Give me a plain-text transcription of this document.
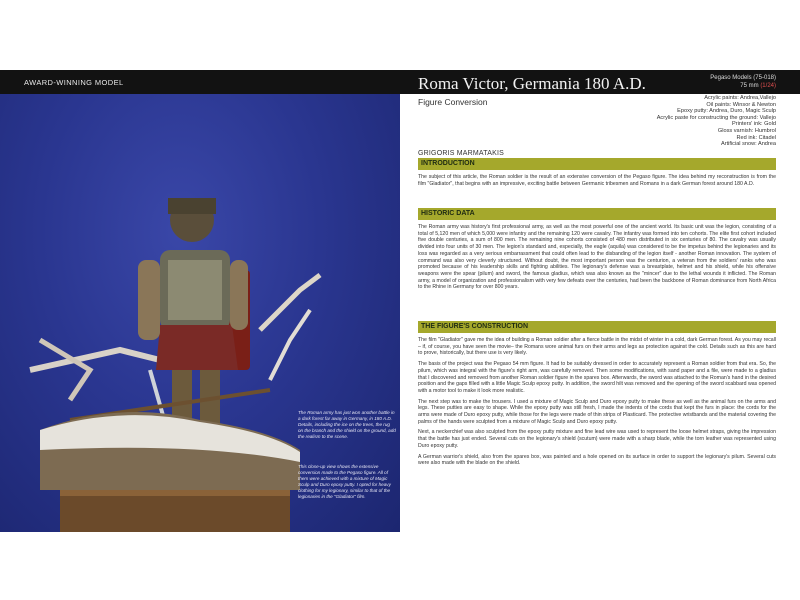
The Roman army has just won another battle in a dark forest far away in Germany, in 180 A.D. Details, including the ice on the trees, the rug on the branch and the shield on the ground, add the realism to the scene.
This close-up view shows the extensive conversion made to the Pegaso figure. All of them were achieved with a mixture of Magic Sculp and Duro epoxy putty. I opted for heavy clothing for my legionary, similar to that of the legionaries in the "Gladiator" film.
AWARD-WINNING MODEL	Roma Victor, Germania 180 A.D.	Pegaso Models (75-018)
75 mm (1/24)
Figure Conversion	Acrylic paints: Andrea,Vallejo
Oil paints: Winsor & Newton
Epoxy putty: Andrea, Duro, Magic Sculp
Acrylic paste for constructing the ground: Vallejo
Printers' ink: Gold
Gloss varnish: Humbrol
Red ink: Citadel
Artificial snow: Andrea
GRIGORIS MARMATAKIS
INTRODUCTION

The subject of this article, the Roman soldier is the result of an extensive conversion of the Pegaso figure. The idea behind my reconstruction is from the film "Gladiator", that begins with an impressive, exciting battle between Germanic tribesmen and Romans in a dark German forest around 180 A.D.

HISTORIC DATA

The Roman army was history's first professional army, as well as the most powerful one of the ancient world. Its basic unit was the legion, consisting of a total of 5,120 men of which 5,000 were infantry and the remaining 120 were cavalry. The infantry was formed into ten cohorts. The elite first cohort included five double centuries, a sum of 800 men. The remaining nine cohorts consisted of 480 men distributed in six centuries of 80. The cavalry was usually divided into four units of 30 men. The legion's standard and, especially, the eagle (aquila) was considered to be the impetus behind the legionaries and its loss was regarded as a very serious embarrassment that could often lead to the disbanding of the legion itself - another Roman innovation. The system of command was also very cleverly structured. Without doubt, the most important person was the centurion, a veteran from the soldiers' ranks who was promoted because of his leadership skills and fighting abilities. The legionary's defense was a breastplate, helmet and his shield, while his offensive weapons were the spear (pilum) and sword, the famous gladius, which was also known as the "mincer" due to the lethal wounds it inflicted. The Roman army, a model of organization and professionalism with very few defeats over the centuries, had been the backbone of Roman dominance from North Africa to the Rhine in Germany for over 800 years.

THE FIGURE'S CONSTRUCTION

The film "Gladiator" gave me the idea of building a Roman soldier after a fierce battle in the midst of winter in a cold, dark German forest. As you may recall – if, of course, you have seen the movie– the Romans wore animal furs on their arms and legs as protection against the cold. Details such as this are hard to prove, historically, but there use is very likely.

The basis of the project was the Pegaso 54 mm figure. It had to be suitably dressed in order to accurately represent a Roman soldier from that era. So, the pilum, which was integral with the figure's right arm, was carefully removed. Then some modifications, with sand paper and a file, were made to a gladius that I discovered and removed from another Roman soldier figure in the spares box. Afterwards, the sword was attached to the Roman's hand in the desired position and the gaps filled with a little Magic Sculp epoxy putty. In addition, the sword hilt was removed and the opening of the sword scabbard was opened with a motor tool to make it look more realistic.

The next step was to make the trousers. I used a mixture of Magic Sculp and Duro epoxy putty to make these as well as the animal furs on the arms and legs. These putties are easy to shape. While the epoxy putty was still fresh, I made the indents of the cords that kept the furs in place: the cords for the arms were made of Duro epoxy putty, while those for the legs were made of thin strips of Plasticard. The protective wristbands and the material covering the palms of the hands were sculpted from a mixture of Magic Sculp and Duro epoxy putty.

Next, a neckerchief was also sculpted from the epoxy putty mixture and fine lead wire was used to represent the loose helmet straps, giving the impression that the battle has just ended. Several cuts on the legionary's shield (scutum) were made with a sharp blade, while the torn leather was represented using Duro epoxy putty.

A German warrior's shield, also from the spares box, was painted and a hole opened on its surface in order to support the legionary's pilum. Several cuts were also made with the blade on the shield.
